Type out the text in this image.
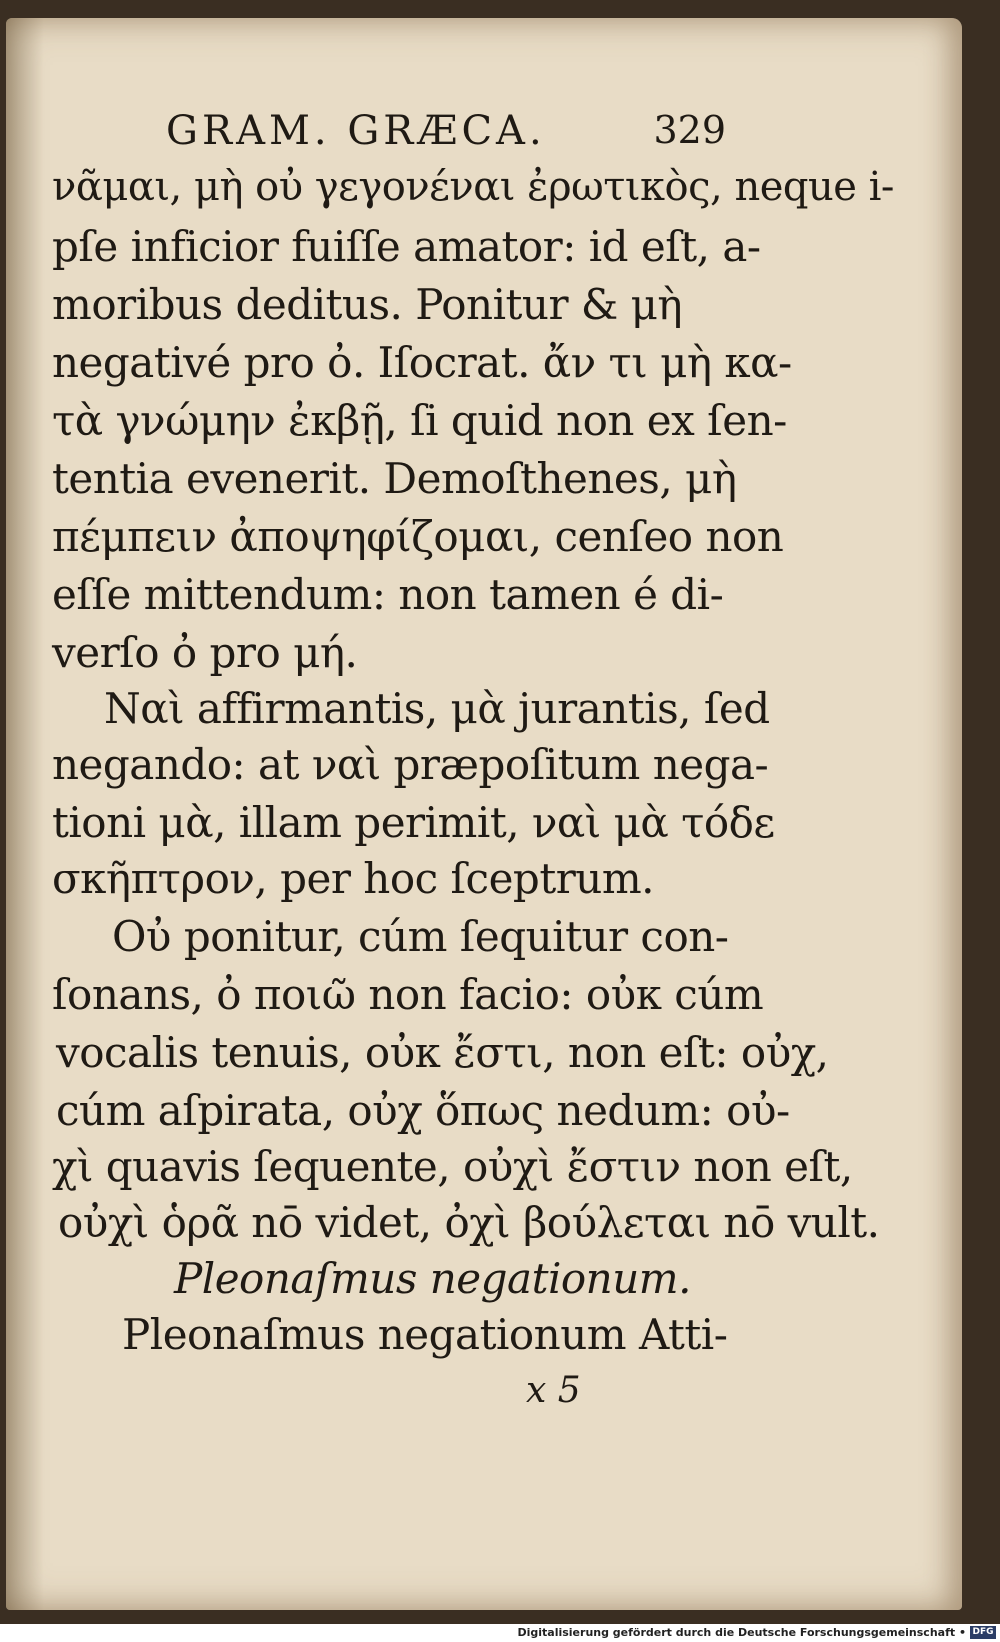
GRAM. GRÆCA.	329
νᾶμαι, μὴ οὐ γεγονέναι ἐρωτικὸς, neque i-
pſe inficior fuiſſe amator: id eſt, a-
moribus deditus. Ponitur & μὴ
negativé pro ὀ. Iſocrat. ἄν τι μὴ κα-
τὰ γνώμην ἐκβῇ, ſi quid non ex ſen-
tentia evenerit. Demoſthenes, μὴ
πέμπειν ἀποψηφίζομαι, cenſeo non
eſſe mittendum: non tamen é di-
verſo ὀ pro μή.
Ναὶ affirmantis, μὰ jurantis, ſed
negando: at ναὶ præpoſitum nega-
tioni μὰ, illam perimit, ναὶ μὰ τόδε
σκῆπτρον, per hoc ſceptrum.
Οὐ ponitur, cúm ſequitur con-
ſonans, ὀ ποιῶ non facio: οὐκ cúm
vocalis tenuis, οὐκ ἔστι, non eſt: οὐχ,
cúm aſpirata, οὐχ ὅπως nedum: οὐ-
χὶ quavis ſequente, οὐχὶ ἔστιν non eſt,
οὐχὶ ὁρᾶ nō videt, ὀχὶ βούλεται nō vult.
Pleonaſmus negationum.
Pleonaſmus negationum Atti-
x 5
Digitalisierung gefördert durch die Deutsche Forschungsgemeinschaft • DFG
